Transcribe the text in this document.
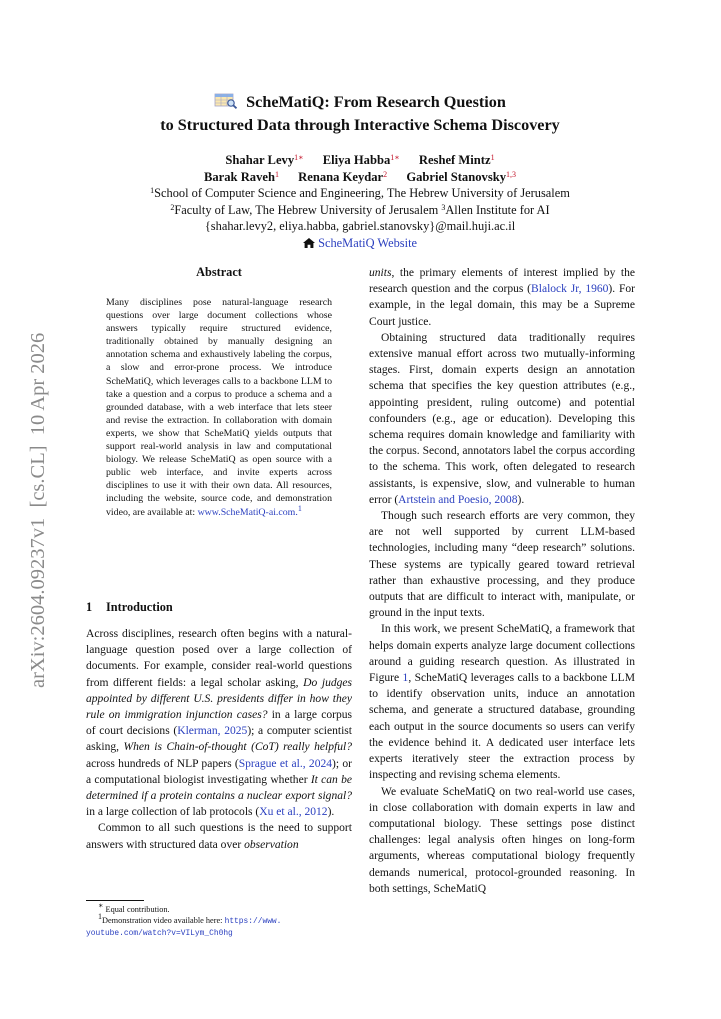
arXiv:2604.09237v1  [cs.CL]  10 Apr 2026
ScheMatiQ: From Research Question
to Structured Data through Interactive Schema Discovery
Shahar Levy$^{1∗}$ Eliya Habba$^{1∗}$ Reshef Mintz$^1$
Barak Raveh$^1$ Renana Keydar$^2$ Gabriel Stanovsky$^{1,3}$
$^1$School of Computer Science and Engineering, The Hebrew University of Jerusalem
$^2$Faculty of Law, The Hebrew University of Jerusalem $^3$Allen Institute for AI
{shahar.levy2, eliya.habba, gabriel.stanovsky}@mail.huji.ac.il
ScheMatiQ Website
Abstract

Many disciplines pose natural-language research questions over large document collections whose answers typically require structured evidence, traditionally obtained by manually designing an annotation schema and exhaustively labeling the corpus, a slow and error-prone process. We introduce ScheMatiQ, which leverages calls to a backbone LLM to take a question and a corpus to produce a schema and a grounded database, with a web interface that lets steer and revise the extraction. In collaboration with domain experts, we show that ScheMatiQ yields outputs that support real-world analysis in law and computational biology. We release ScheMatiQ as open source with a public web interface, and invite experts across disciplines to use it with their own data. All resources, including the website, source code, and demonstration video, are available at: www.ScheMatiQ-ai.com.$^1$

1 Introduction

Across disciplines, research often begins with a natural-language question posed over a large collection of documents. For example, consider real-world questions from different fields: a legal scholar asking, Do judges appointed by different U.S. presidents differ in how they rule on immigration injunction cases? in a large corpus of court decisions (Klerman, 2025); a computer scientist asking, When is Chain-of-thought (CoT) really helpful? across hundreds of NLP papers (Sprague et al., 2024); or a computational biologist investigating whether It can be determined if a protein contains a nuclear export signal? in a large collection of lab protocols (Xu et al., 2012).

Common to all such questions is the need to support answers with structured data over observation

∗ Equal contribution.
$^1$Demonstration video available here: https://www.
youtube.com/watch?v=VILym_Ch0hg

units, the primary elements of interest implied by the research question and the corpus (Blalock Jr, 1960). For example, in the legal domain, this may be a Supreme Court justice.

Obtaining structured data traditionally requires extensive manual effort across two mutually-informing stages. First, domain experts design an annotation schema that specifies the key question attributes (e.g., appointing president, ruling outcome) and potential confounders (e.g., age or education). Developing this schema requires domain knowledge and familiarity with the corpus. Second, annotators label the corpus according to the schema. This work, often delegated to research assistants, is expensive, slow, and vulnerable to human error (Artstein and Poesio, 2008).

Though such research efforts are very common, they are not well supported by current LLM-based technologies, including many “deep research” solutions. These systems are typically geared toward retrieval rather than exhaustive processing, and they produce outputs that are difficult to interact with, manipulate, or ground in the input texts.

In this work, we present ScheMatiQ, a framework that helps domain experts analyze large document collections around a guiding research question. As illustrated in Figure 1, ScheMatiQ leverages calls to a backbone LLM to identify observation units, induce an annotation schema, and generate a structured database, grounding each output in the source documents so users can verify the evidence behind it. A dedicated user interface lets experts iteratively steer the extraction process by inspecting and revising schema elements.

We evaluate ScheMatiQ on two real-world use cases, in close collaboration with domain experts in law and computational biology. These settings pose distinct challenges: legal analysis often hinges on long-form arguments, whereas computational biology frequently demands numerical, protocol-grounded reasoning. In both settings, ScheMatiQ
